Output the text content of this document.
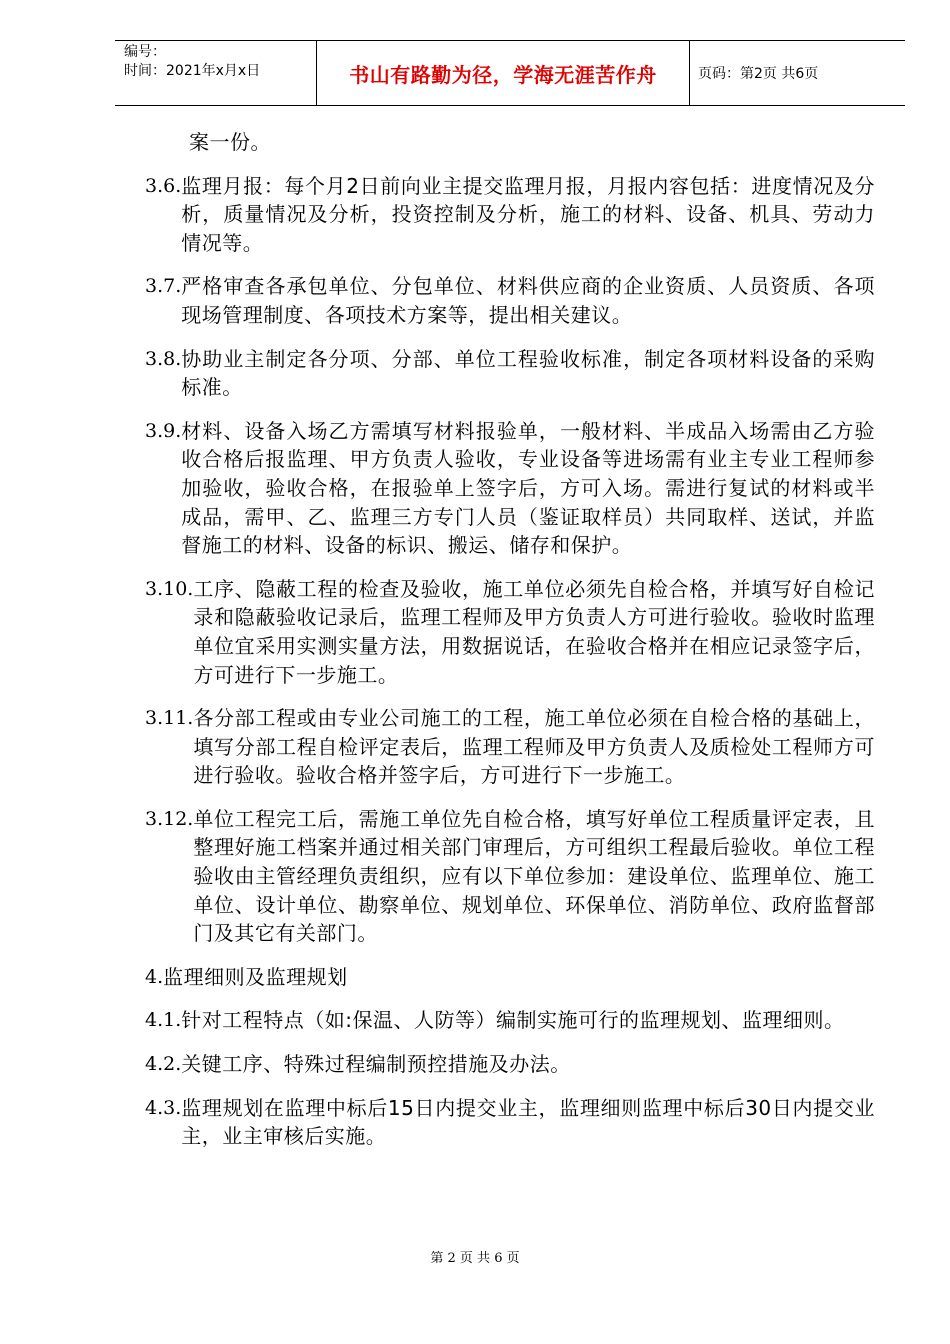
编号：
时间：2021年x月x日	书山有路勤为径，学海无涯苦作舟	页码：第2页 共6页
案一份。
3.6. 监理月报：每个月2日前向业主提交监理月报，月报内容包括：进度情况及分析，质量情况及分析，投资控制及分析，施工的材料、设备、机具、劳动力情况等。
3.7. 严格审查各承包单位、分包单位、材料供应商的企业资质、人员资质、各项现场管理制度、各项技术方案等，提出相关建议。
3.8. 协助业主制定各分项、分部、单位工程验收标准，制定各项材料设备的采购标准。
3.9. 材料、设备入场乙方需填写材料报验单，一般材料、半成品入场需由乙方验收合格后报监理、甲方负责人验收，专业设备等进场需有业主专业工程师参加验收，验收合格，在报验单上签字后，方可入场。需进行复试的材料或半成品，需甲、乙、监理三方专门人员（鉴证取样员）共同取样、送试，并监督施工的材料、设备的标识、搬运、储存和保护。
3.10. 工序、隐蔽工程的检查及验收，施工单位必须先自检合格，并填写好自检记录和隐蔽验收记录后，监理工程师及甲方负责人方可进行验收。验收时监理单位宜采用实测实量方法，用数据说话，在验收合格并在相应记录签字后，方可进行下一步施工。
3.11. 各分部工程或由专业公司施工的工程，施工单位必须在自检合格的基础上，填写分部工程自检评定表后，监理工程师及甲方负责人及质检处工程师方可进行验收。验收合格并签字后，方可进行下一步施工。
3.12. 单位工程完工后，需施工单位先自检合格，填写好单位工程质量评定表，且整理好施工档案并通过相关部门审理后，方可组织工程最后验收。单位工程验收由主管经理负责组织，应有以下单位参加：建设单位、监理单位、施工单位、设计单位、勘察单位、规划单位、环保单位、消防单位、政府监督部门及其它有关部门。
4. 监理细则及监理规划
4.1. 针对工程特点（如:保温、人防等）编制实施可行的监理规划、监理细则。
4.2. 关键工序、特殊过程编制预控措施及办法。
4.3. 监理规划在监理中标后15日内提交业主，监理细则监理中标后30日内提交业主，业主审核后实施。
第 2 页 共 6 页
